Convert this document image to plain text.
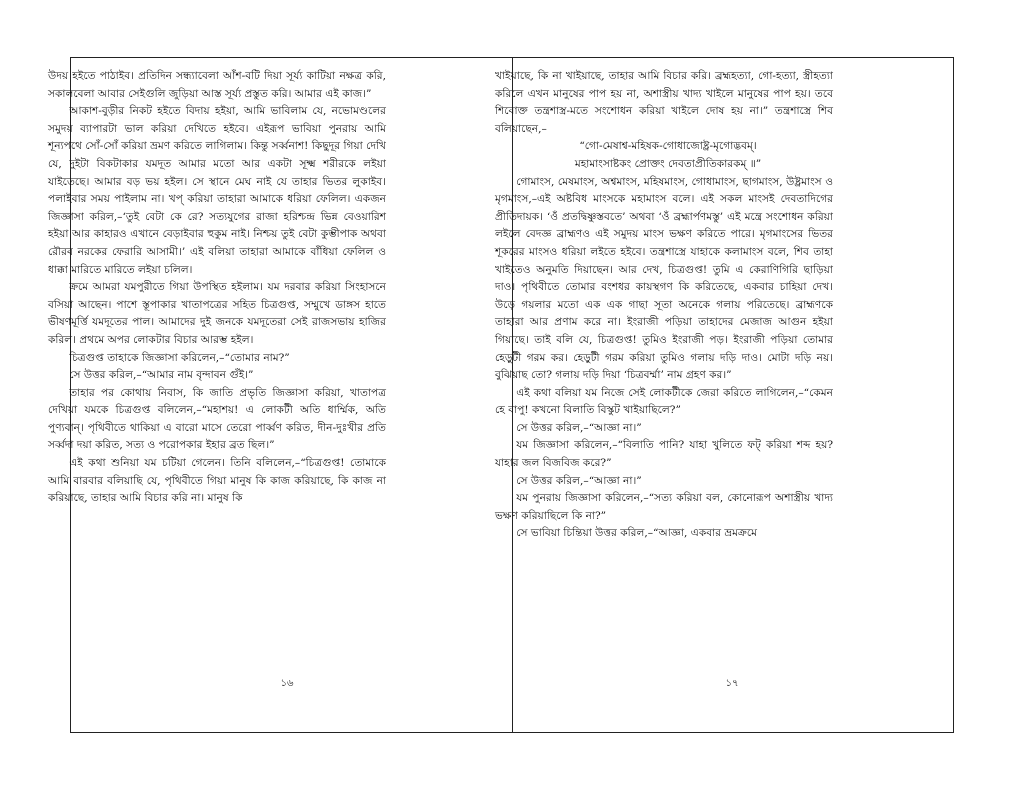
উদয় হইতে পাঠাইব। প্রতিদিন সন্ধ্যাবেলা আঁশ-বটি দিয়া সূর্য্য কাটিয়া নক্ষত্র করি, সকালবেলা আবার সেইগুলি জুড়িয়া আস্ত সূর্য্য প্রস্তুত করি। আমার এই কাজ।”

আকাশ-বুড়ীর নিকট হইতে বিদায় হইয়া, আমি ভাবিলাম যে, নভোমণ্ডলের সমুদয় ব্যাপারটা ভাল করিয়া দেখিতে হইবে। এইরূপ ভাবিয়া পুনরায় আমি শূন্যপথে সোঁ-সোঁ করিয়া ভ্রমণ করিতে লাগিলাম। কিন্তু সর্ব্বনাশ! কিছুদূর গিয়া দেখি যে, দুইটা বিকটাকার যমদূত আমার মতো আর একটা সূক্ষ্ম শরীরকে লইয়া যাইতেছে। আমার বড় ভয় হইল। সে স্থানে মেঘ নাই যে তাহার ভিতর লুকাইব। পলাইবার সময় পাইলাম না। খপ্‌ করিয়া তাহারা আমাকে ধরিয়া ফেলিল। একজন জিজ্ঞাসা করিল,–‘তুই বেটা কে রে? সত্যযুগের রাজা হরিশ্চন্দ্র ভিন্ন বেওয়ারিশ হইয়া আর কাহারও এখানে বেড়াইবার হুকুম নাই। নিশ্চয় তুই বেটা কুম্ভীপাক অথবা রৌরব নরকের ফেরারি আসামী।’ এই বলিয়া তাহারা আমাকে বাঁধিয়া ফেলিল ও ধাক্কা মারিতে মারিতে লইয়া চলিল।

ক্রমে আমরা যমপুরীতে গিয়া উপস্থিত হইলাম। যম দরবার করিয়া সিংহাসনে বসিয়া আছেন। পাশে স্তূপাকার খাতাপত্রের সহিত চিত্রগুপ্ত, সম্মুখে ডাঙ্গস হাতে ভীষণমূর্ত্তি যমদূতের পাল। আমাদের দুই জনকে যমদূতেরা সেই রাজসভায় হাজির করিল। প্রথমে অপর লোকটার বিচার আরম্ভ হইল।

চিত্রগুপ্ত তাহাকে জিজ্ঞাসা করিলেন,–“তোমার নাম?”

সে উত্তর করিল,–“আমার নাম বৃন্দাবন গুঁই।”

তাহার পর কোথায় নিবাস, কি জাতি প্রভৃতি জিজ্ঞাসা করিয়া, খাতাপত্র দেখিয়া যমকে চিত্রগুপ্ত বলিলেন,–“মহাশয়! এ লোকটী অতি ধার্ম্মিক, অতি পুণ্যবান্‌। পৃথিবীতে থাকিয়া এ বারো মাসে তেরো পার্ব্বণ করিত, দীন-দুঃখীর প্রতি সর্ব্বদা দয়া করিত, সত্য ও পরোপকার ইহার ব্রত ছিল।”

এই কথা শুনিয়া যম চটিয়া গেলেন। তিনি বলিলেন,–“চিত্রগুপ্ত! তোমাকে আমি বারবার বলিয়াছি যে, পৃথিবীতে গিয়া মানুষ কি কাজ করিয়াছে, কি কাজ না করিয়াছে, তাহার আমি বিচার করি না। মানুষ কি

১৬

খাইয়াছে, কি না খাইয়াছে, তাহার আমি বিচার করি। ব্রহ্মহত্যা, গো-হত্যা, স্ত্রীহত্যা করিলে এখন মানুষের পাপ হয় না, অশাস্ত্রীয় খাদ্য খাইলে মানুষের পাপ হয়। তবে শিবোক্ত তন্ত্রশাস্ত্র-মতে সংশোধন করিয়া খাইলে দোষ হয় না।” তন্ত্রশাস্ত্রে শিব বলিয়াছেন,–

“গো-মেষাশ্ব-মহিষক-গোধাজোষ্ট্র-মৃগোদ্ভবম্‌।

মহামাংসাষ্টকং প্রোক্তং দেবতাপ্রীতিকারকম্‌ ॥”

গোমাংস, মেষমাংস, অশ্বমাংস, মহিষমাংস, গোধামাংস, ছাগমাংস, উষ্ট্রমাংস ও মৃগমাংস,–এই অষ্টবিধ মাংসকে মহামাংস বলে। এই সকল মাংসই দেবতাদিগের প্রীতিদায়ক। ‘ওঁ প্রতদ্বিষ্ণুস্তবতে’ অথবা ‘ওঁ ব্রহ্মার্পণমস্তু’ এই মন্ত্রে সংশোধন করিয়া লইলে বেদজ্ঞ ব্রাহ্মণও এই সমুদয় মাংস ভক্ষণ করিতে পারে। মৃগমাংসের ভিতর শূকরের মাংসও ধরিয়া লইতে হইবে। তন্ত্রশাস্ত্রে যাহাকে কলামাংস বলে, শিব তাহা খাইতেও অনুমতি দিয়াছেন। আর দেখ, চিত্রগুপ্ত! তুমি এ কেরাণিগিরি ছাড়িয়া দাও। পৃথিবীতে তোমার বংশধর কায়স্থগণ কি করিতেছে, একবার চাহিয়া দেখ। উড়ে গয়লার মতো এক এক গাছা সূতা অনেকে গলায় পরিতেছে। ব্রাহ্মণকে তাহারা আর প্রণাম করে না। ইংরাজী পড়িয়া তাহাদের মেজাজ আগুন হইয়া গিয়াছে। তাই বলি যে, চিত্রগুপ্ত! তুমিও ইংরাজী পড়। ইংরাজী পড়িয়া তোমার হেড়ুটী গরম কর। হেড়ুটী গরম করিয়া তুমিও গলায় দড়ি দাও। মোটা দড়ি নয়। বুঝিয়াছ তো? গলায় দড়ি দিয়া ‘চিত্রবর্ম্মা’ নাম গ্রহণ কর।”

এই কথা বলিয়া যম নিজে সেই লোকটীকে জেরা করিতে লাগিলেন,–“কেমন হে বাপু! কখনো বিলাতি বিস্কুট খাইয়াছিলে?”

সে উত্তর করিল,–“আজ্ঞা না।”

যম জিজ্ঞাসা করিলেন,–“বিলাতি পানি? যাহা খুলিতে ফট্‌ করিয়া শব্দ হয়? যাহার জল বিজবিজ করে?”

সে উত্তর করিল,–“আজ্ঞা না।”

যম পুনরায় জিজ্ঞাসা করিলেন,–“সত্য করিয়া বল, কোনোরূপ অশাস্ত্রীয় খাদ্য ভক্ষণ করিয়াছিলে কি না?”

সে ভাবিয়া চিন্তিয়া উত্তর করিল,–“আজ্ঞা, একবার ভ্রমক্রমে

১৭
